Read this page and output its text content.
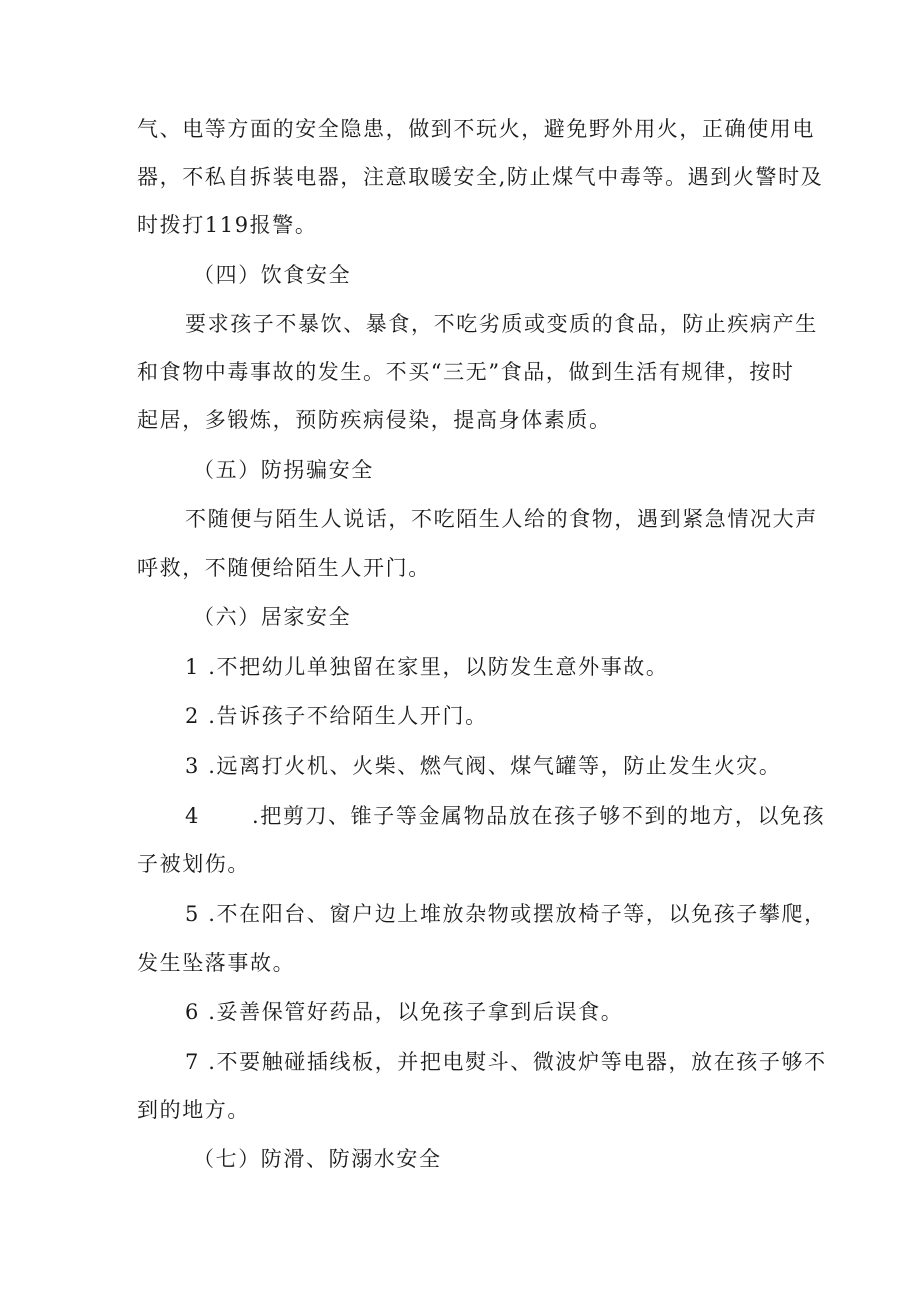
气、电等方面的安全隐患，做到不玩火，避免野外用火，正确使用电
器，不私自拆装电器，注意取暖安全,防止煤气中毒等。遇到火警时及
时拨打119报警。
（四）饮食安全
要求孩子不暴饮、暴食，不吃劣质或变质的食品，防止疾病产生
和食物中毒事故的发生。不买“三无”食品，做到生活有规律，按时
起居，多锻炼，预防疾病侵染，提高身体素质。
（五）防拐骗安全
不随便与陌生人说话，不吃陌生人给的食物，遇到紧急情况大声
呼救，不随便给陌生人开门。
（六）居家安全
1 .不把幼儿单独留在家里，以防发生意外事故。
2 .告诉孩子不给陌生人开门。
3 .远离打火机、火柴、燃气阀、煤气罐等，防止发生火灾。
4 .把剪刀、锥子等金属物品放在孩子够不到的地方，以免孩
子被划伤。
5 .不在阳台、窗户边上堆放杂物或摆放椅子等，以免孩子攀爬，
发生坠落事故。
6 .妥善保管好药品，以免孩子拿到后误食。
7 .不要触碰插线板，并把电熨斗、微波炉等电器，放在孩子够不
到的地方。
（七）防滑、防溺水安全
